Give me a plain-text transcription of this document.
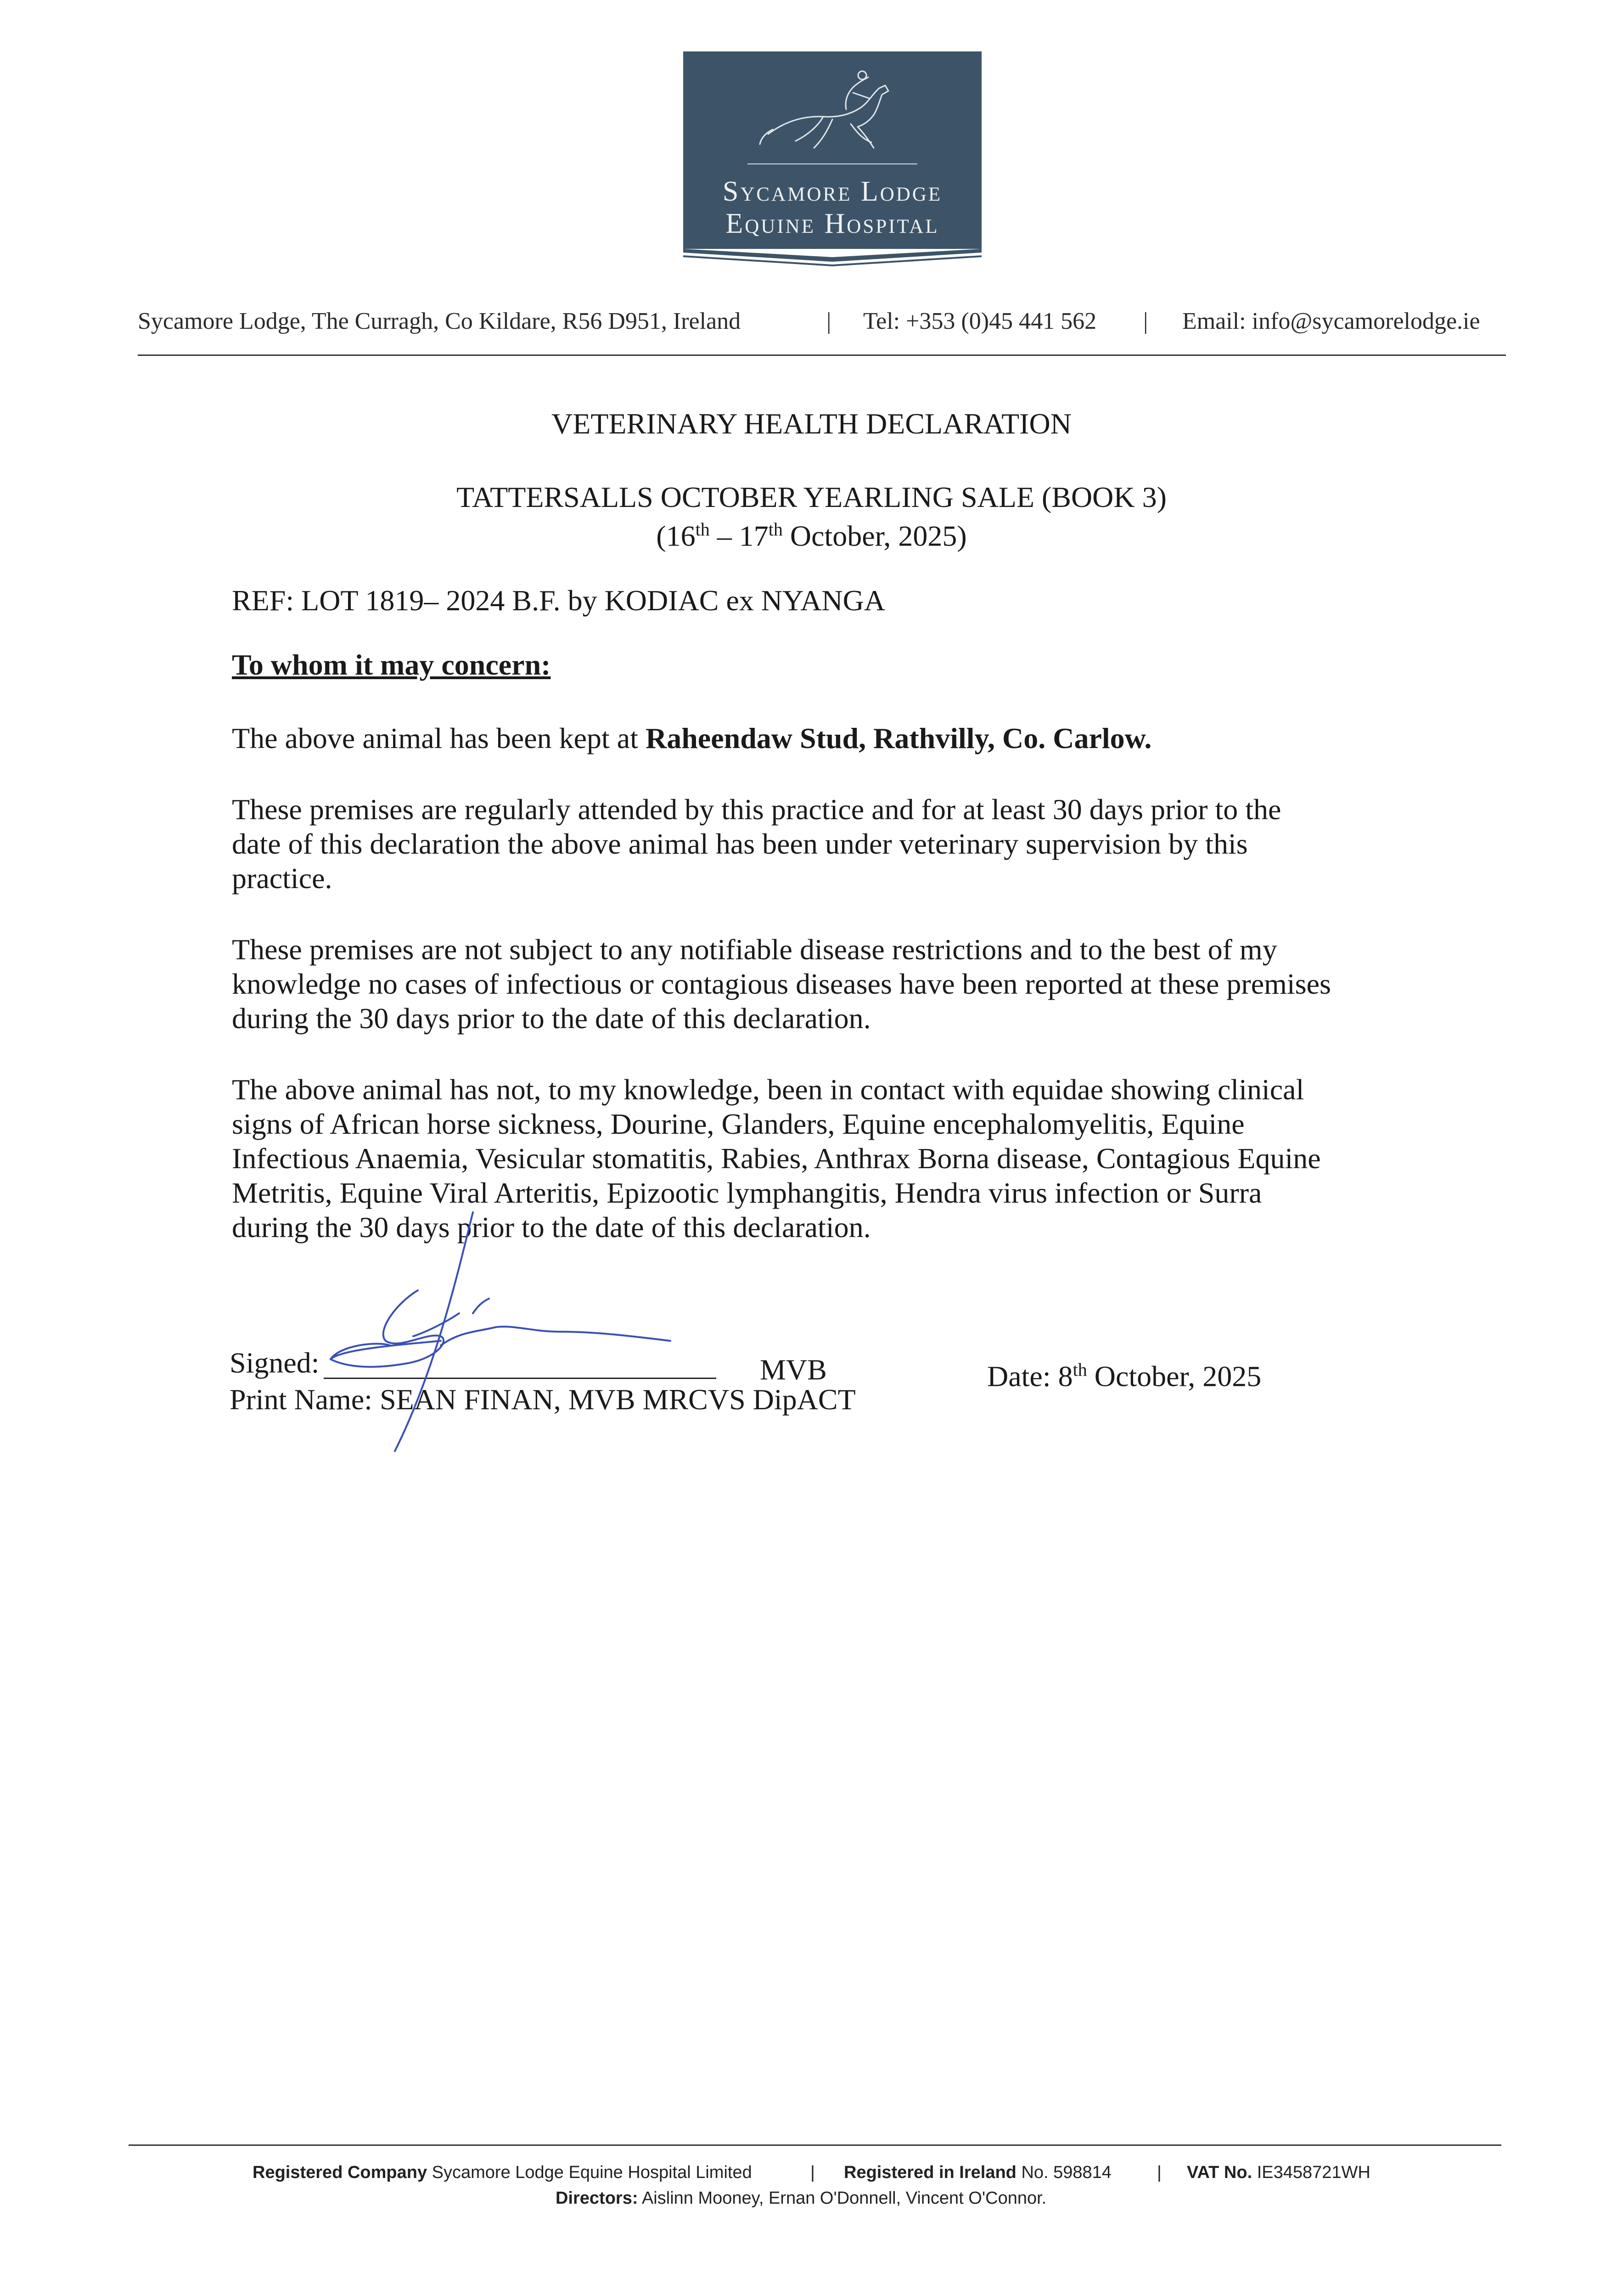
Sycamore Lodge
Equine Hospital
Sycamore Lodge, The Curragh, Co Kildare, R56 D951, Ireland	| Tel: +353 (0)45 441 562 | Email: info@sycamorelodge.ie
VETERINARY HEALTH DECLARATION
TATTERSALLS OCTOBER YEARLING SALE (BOOK 3)
(16th – 17th October, 2025)
REF: LOT 1819– 2024 B.F. by KODIAC ex NYANGA
To whom it may concern:
The above animal has been kept at Raheendaw Stud, Rathvilly, Co. Carlow.
These premises are regularly attended by this practice and for at least 30 days prior to the
date of this declaration the above animal has been under veterinary supervision by this
practice.
These premises are not subject to any notifiable disease restrictions and to the best of my
knowledge no cases of infectious or contagious diseases have been reported at these premises
during the 30 days prior to the date of this declaration.
The above animal has not, to my knowledge, been in contact with equidae showing clinical
signs of African horse sickness, Dourine, Glanders, Equine encephalomyelitis, Equine
Infectious Anaemia, Vesicular stomatitis, Rabies, Anthrax Borna disease, Contagious Equine
Metritis, Equine Viral Arteritis, Epizootic lymphangitis, Hendra virus infection or Surra
during the 30 days prior to the date of this declaration.
Signed:	MVB
Print Name: SEAN FINAN, MVB MRCVS DipACT
Date: 8th October, 2025
Registered Company Sycamore Lodge Equine Hospital Limited	| Registered in Ireland No. 598814	| VAT No. IE3458721WH
Directors: Aislinn Mooney, Ernan O'Donnell, Vincent O'Connor.
